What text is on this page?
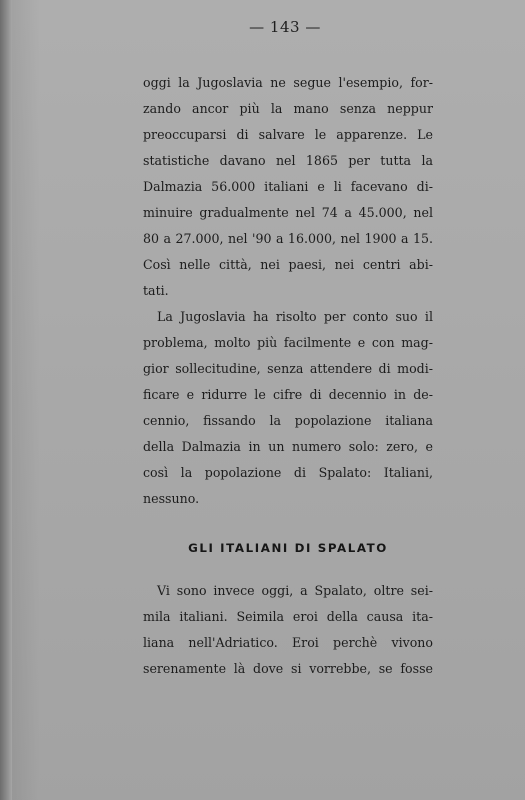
— 143 —
oggi la Jugoslavia ne segue l'esempio, for-
zando ancor più la mano senza neppur
preoccuparsi di salvare le apparenze. Le
statistiche davano nel 1865 per tutta la
Dalmazia 56.000 italiani e li facevano di-
minuire gradualmente nel 74 a 45.000, nel
80 a 27.000, nel '90 a 16.000, nel 1900 a 15.
Così nelle città, nei paesi, nei centri abi-
tati.
La Jugoslavia ha risolto per conto suo il
problema, molto più facilmente e con mag-
gior sollecitudine, senza attendere di modi-
ficare e ridurre le cifre di decennio in de-
cennio, fissando la popolazione italiana
della Dalmazia in un numero solo: zero, e
così la popolazione di Spalato: Italiani,
nessuno.
GLI ITALIANI DI SPALATO
Vi sono invece oggi, a Spalato, oltre sei-
mila italiani. Seimila eroi della causa ita-
liana nell'Adriatico. Eroi perchè vivono
serenamente là dove si vorrebbe, se fosse
